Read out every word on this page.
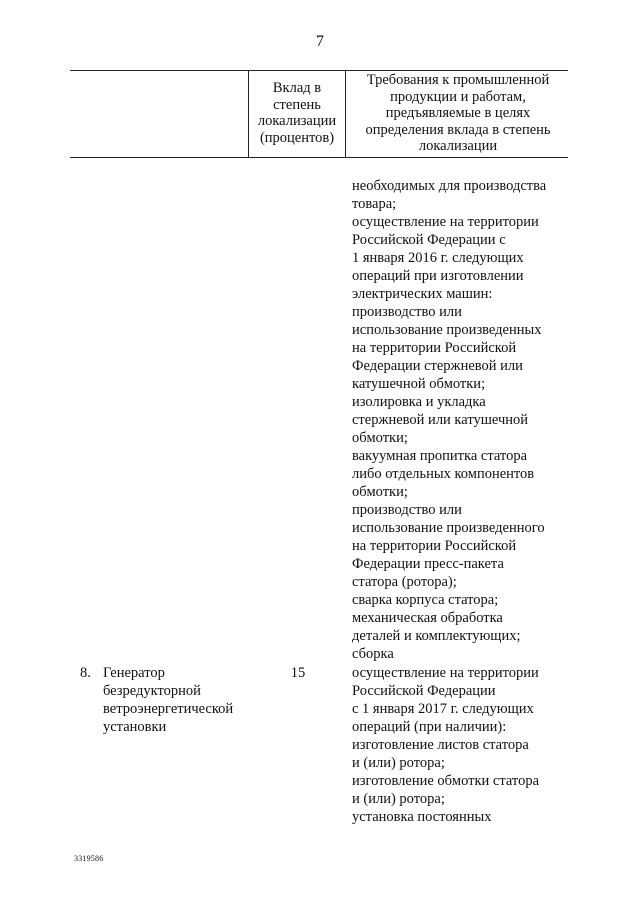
7
Вклад в степень локализации (процентов)
Требования к промышленной продукции и работам, предъявляемые в целях определения вклада в степень локализации
необходимых для производства
товара;
осуществление на территории
Российской Федерации с
1 января 2016 г. следующих
операций при изготовлении
электрических машин:
производство или
использование произведенных
на территории Российской
Федерации стержневой или
катушечной обмотки;
изолировка и укладка
стержневой или катушечной
обмотки;
вакуумная пропитка статора
либо отдельных компонентов
обмотки;
производство или
использование произведенного
на территории Российской
Федерации пресс-пакета
статора (ротора);
сварка корпуса статора;
механическая обработка
деталей и комплектующих;
сборка
8. Генератор
безредукторной
ветроэнергетической
установки
15	осуществление на территории
Российской Федерации
с 1 января 2017 г. следующих
операций (при наличии):
изготовление листов статора
и (или) ротора;
изготовление обмотки статора
и (или) ротора;
установка постоянных
3319586
